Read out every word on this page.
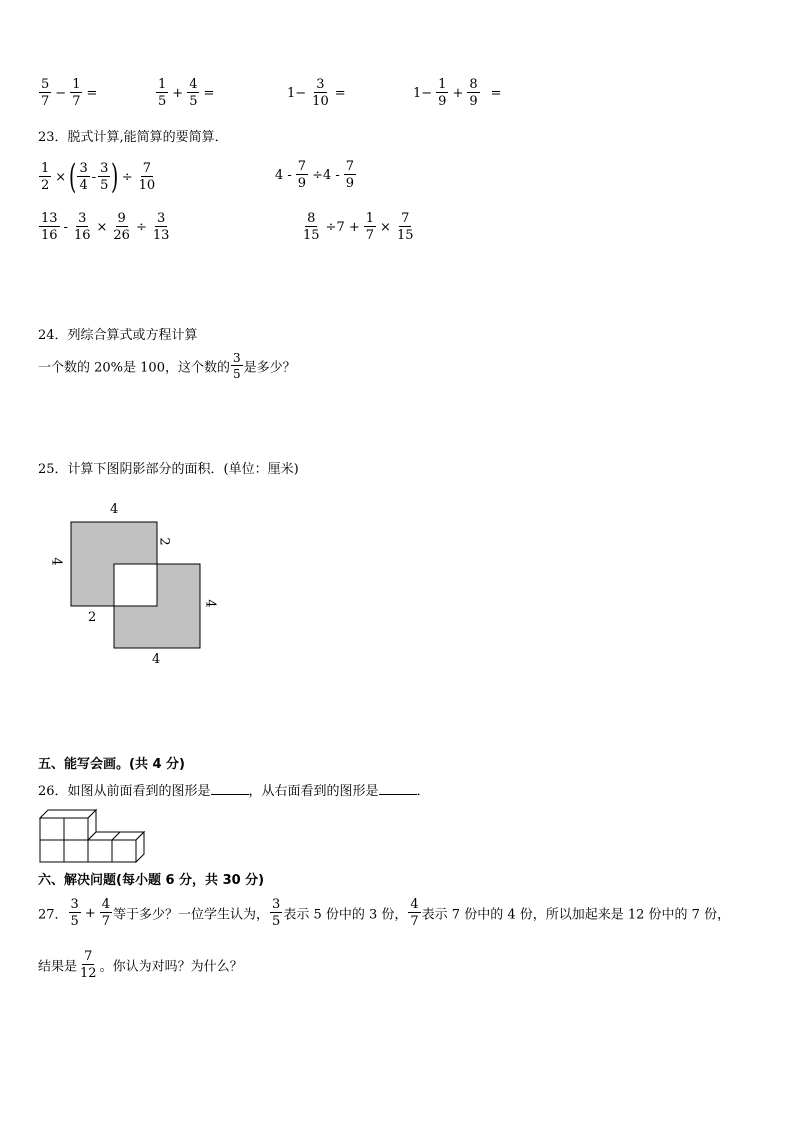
$\frac{5}{7} - \frac{1}{7}$ =	$\frac{1}{5} + \frac{4}{5}$ =	$1- \frac{3}{10}$ =	$1- \frac{1}{9} + \frac{8}{9}$ =
23．脱式计算,能简算的要简算．
$\frac{1}{2}$ ×( $\frac{3}{4} - \frac{3}{5}$ ) ÷ $\frac{7}{10}$	$4 - \frac{7}{9} \div 4 - \frac{7}{9}$
$\frac{13}{16} - \frac{3}{16} \times \frac{9}{26} \div \frac{3}{13}$	$\frac{8}{15} \div 7 + \frac{1}{7} \times \frac{7}{15}$
24．列综合算式或方程计算
一个数的 20%是 100，这个数的 $\frac{3}{5}$ 是多少？
25．计算下图阴影部分的面积．(单位：厘米)
4
4
2
2
4
4
五、能写会画。(共 4 分)
26．如图从前面看到的图形是	，从右面看到的图形是	．
六、解决问题(每小题 6 分，共 30 分)
27． $\frac{3}{5} + \frac{4}{7}$ 等于多少？一位学生认为， $\frac{3}{5}$ 表示 5 份中的 3 份， $\frac{4}{7}$ 表示 7 份中的 4 份，所以加起来是 12 份中的 7 份，
结果是 $\frac{7}{12}$ 。你认为对吗？为什么？
